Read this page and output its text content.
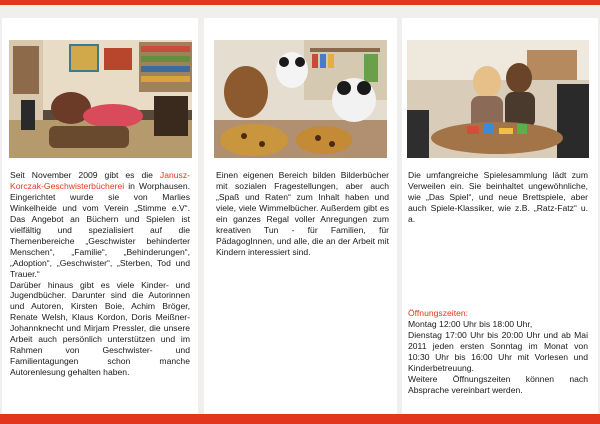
Seit November 2009 gibt es die Janusz-Korczak-Geschwisterbücherei in Worphausen. Eingerichtet wurde sie von Marlies Winkelheide und vom Verein „Stimme e.V“. Das Angebot an Büchern und Spielen ist vielfältig und spezialisiert auf die Themenbereiche „Geschwister behinderter Menschen“, „Familie“, „Behinderungen“, „Adoption“, „Geschwister“, „Sterben, Tod und Trauer.“

Darüber hinaus gibt es viele Kinder- und Jugendbücher. Darunter sind die Autorinnen und Autoren, Kirsten Boie, Achim Bröger, Renate Welsh, Klaus Kordon, Doris Meißner-Johannknecht und Mirjam Pressler, die unsere Arbeit auch persönlich unterstützen und im Rahmen von Geschwister- und Familientagungen schon manche Autorenlesung gehalten haben.

Einen eigenen Bereich bilden Bilderbücher mit sozialen Fragestellungen, aber auch „Spaß und Raten“ zum Inhalt haben und viele, viele Wimmelbücher. Außerdem gibt es ein ganzes Regal voller Anregungen zum kreativen Tun - für Familien, für PädagogInnen, und alle, die an der Arbeit mit Kindern interessiert sind.
Die umfangreiche Spielesammlung lädt zum Verweilen ein. Sie beinhaltet ungewöhnliche, wie „Das Spiel“, und neue Brettspiele, aber auch Spiele-Klassiker, wie z.B. „Ratz-Fatz“ u. a.

Öffnungszeiten:

Montag 12:00 Uhr bis 18:00 Uhr,

Dienstag 17:00 Uhr bis 20:00 Uhr und ab Mai 2011 jeden ersten Sonntag im Monat von 10:30 Uhr bis 16:00 Uhr mit Vorlesen und Kinderbetreuung.

Weitere Öffnungszeiten können nach Absprache vereinbart werden.
